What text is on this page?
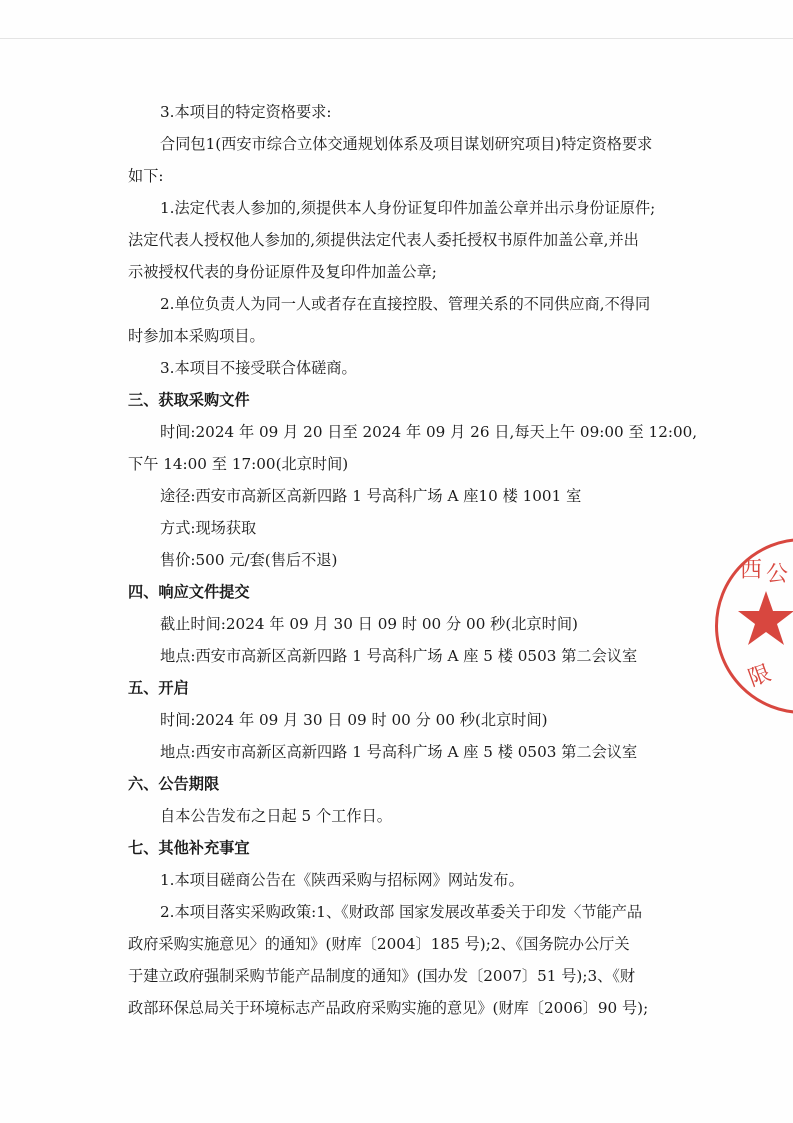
3.本项目的特定资格要求:
合同包1(西安市综合立体交通规划体系及项目谋划研究项目)特定资格要求
如下:
1.法定代表人参加的,须提供本人身份证复印件加盖公章并出示身份证原件;
法定代表人授权他人参加的,须提供法定代表人委托授权书原件加盖公章,并出
示被授权代表的身份证原件及复印件加盖公章;
2.单位负责人为同一人或者存在直接控股、管理关系的不同供应商,不得同
时参加本采购项目。
3.本项目不接受联合体磋商。
三、获取采购文件
时间:2024 年 09 月 20 日至 2024 年 09 月 26 日,每天上午 09:00 至 12:00,
下午 14:00 至 17:00(北京时间)
途径:西安市高新区高新四路 1 号高科广场 A 座10 楼 1001 室
方式:现场获取
售价:500 元/套(售后不退)
四、响应文件提交
截止时间:2024 年 09 月 30 日 09 时 00 分 00 秒(北京时间)
地点:西安市高新区高新四路 1 号高科广场 A 座 5 楼 0503 第二会议室
五、开启
时间:2024 年 09 月 30 日 09 时 00 分 00 秒(北京时间)
地点:西安市高新区高新四路 1 号高科广场 A 座 5 楼 0503 第二会议室
六、公告期限
自本公告发布之日起 5 个工作日。
七、其他补充事宜
1.本项目磋商公告在《陕西采购与招标网》网站发布。
2.本项目落实采购政策:1、《财政部 国家发展改革委关于印发〈节能产品
政府采购实施意见〉的通知》(财库〔2004〕185 号);2、《国务院办公厅关
于建立政府强制采购节能产品制度的通知》(国办发〔2007〕51 号);3、《财
政部环保总局关于环境标志产品政府采购实施的意见》(财库〔2006〕90 号);
西 公
限
